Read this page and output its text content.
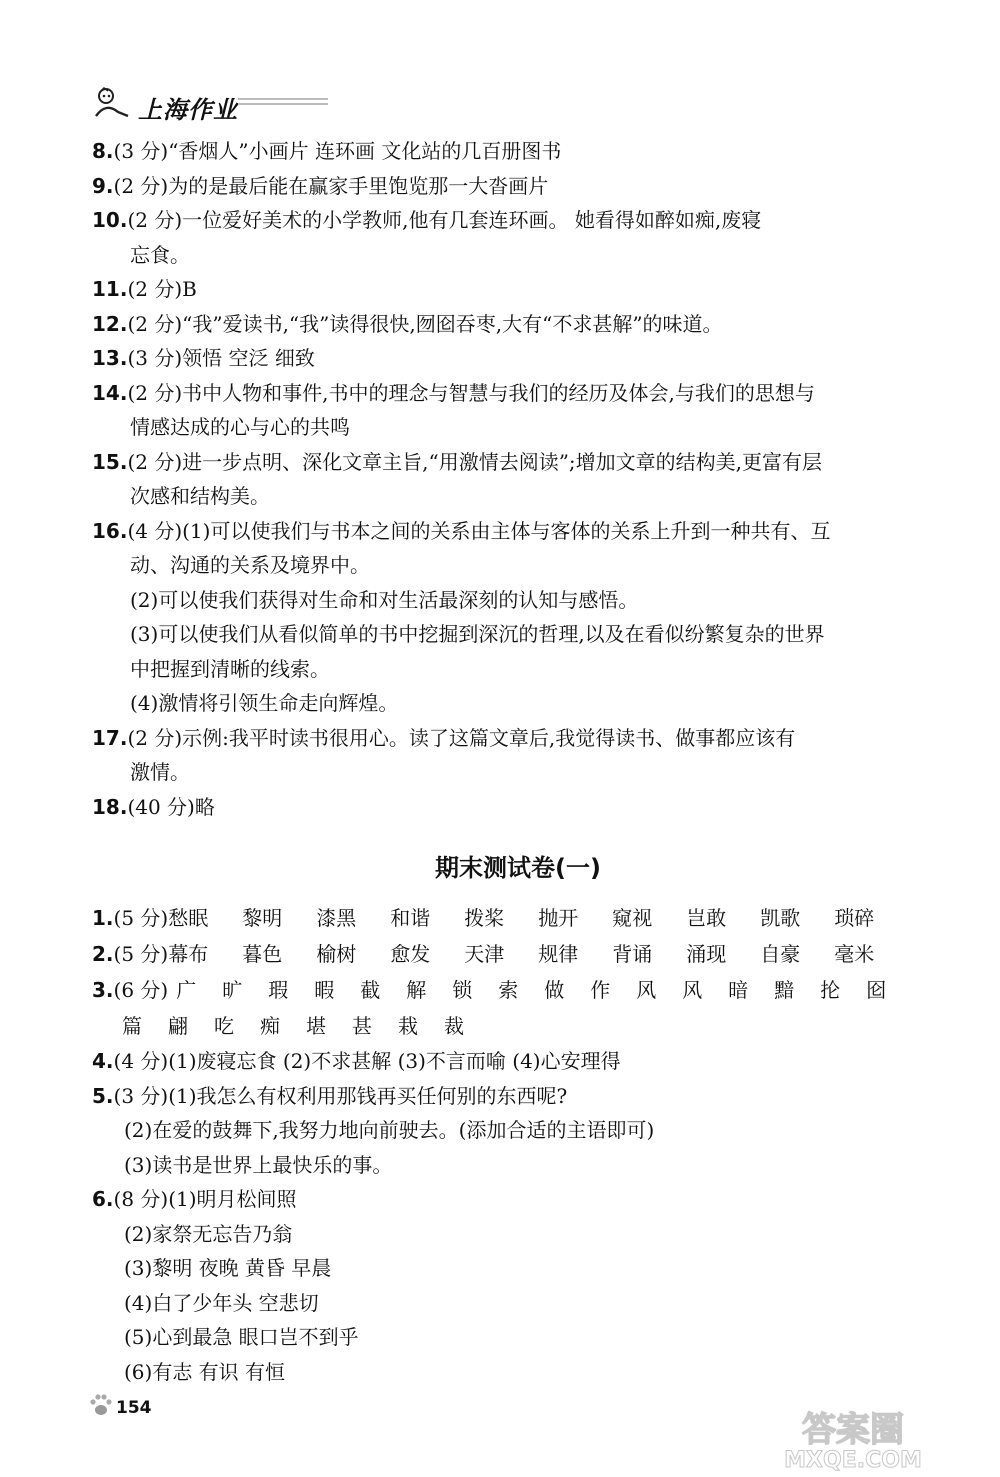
上海作业
8.(3 分)“香烟人”小画片 连环画 文化站的几百册图书
9.(2 分)为的是最后能在赢家手里饱览那一大沓画片
10.(2 分)一位爱好美术的小学教师,他有几套连环画。 她看得如醉如痴,废寝
忘食。
11.(2 分)B
12.(2 分)“我”爱读书,“我”读得很快,囫囵吞枣,大有“不求甚解”的味道。
13.(3 分)领悟 空泛 细致
14.(2 分)书中人物和事件,书中的理念与智慧与我们的经历及体会,与我们的思想与
情感达成的心与心的共鸣
15.(2 分)进一步点明、深化文章主旨,“用激情去阅读”;增加文章的结构美,更富有层
次感和结构美。
16.(4 分)(1)可以使我们与书本之间的关系由主体与客体的关系上升到一种共有、互
动、沟通的关系及境界中。
(2)可以使我们获得对生命和对生活最深刻的认知与感悟。
(3)可以使我们从看似简单的书中挖掘到深沉的哲理,以及在看似纷繁复杂的世界
中把握到清晰的线索。
(4)激情将引领生命走向辉煌。
17.(2 分)示例:我平时读书很用心。读了这篇文章后,我觉得读书、做事都应该有
激情。
18.(40 分)略
期末测试卷(一)
1.(5 分) 愁眠 黎明 漆黑 和谐 拨桨 抛开 窥视 岂敢 凯歌 琐碎
2.(5 分) 幕布 暮色 榆树 愈发 天津 规律 背诵 涌现 自豪 毫米
3.(6 分) 广	旷	瑕	暇	截	解	锁	索	做	作	风	风	暗	黯	抡	囵
篇	翩	吃	痴	堪	甚	栽	裁
4.(4 分)(1)废寝忘食 (2)不求甚解 (3)不言而喻 (4)心安理得
5.(3 分)(1)我怎么有权利用那钱再买任何别的东西呢?
(2)在爱的鼓舞下,我努力地向前驶去。(添加合适的主语即可)
(3)读书是世界上最快乐的事。
6.(8 分)(1)明月松间照
(2)家祭无忘告乃翁
(3)黎明 夜晚 黄昏 早晨
(4)白了少年头 空悲切
(5)心到最急 眼口岂不到乎
(6)有志 有识 有恒
154
答案圈
MXQE.COM
